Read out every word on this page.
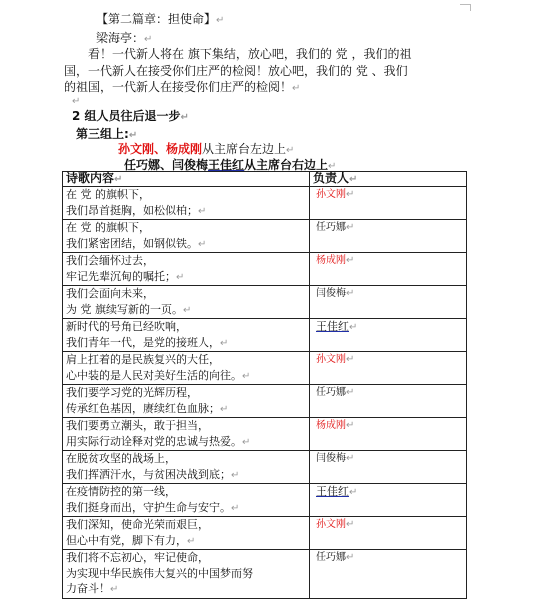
【第二篇章：担使命】↵
梁海亭：↵
看！一代新人将在 旗下集结，放心吧，我们的 党 ，我们的祖
国，一代新人在接受你们庄严的检阅！放心吧，我们的 党 、我们
的祖国，一代新人在接受你们庄严的检阅！↵
↵
2 组人员往后退一步↵
第三组上:↵
孙文刚、杨成刚从主席台左边上↵
任巧娜、闫俊梅王佳红从主席台右边上↵
诗歌内容↵	负责人↵

在 党 的旗帜下，
我们昂首挺胸，如松似柏；↵	孙文刚↵

在 党 的旗帜下，
我们紧密团结，如钢似铁。↵	任巧娜↵

我们会缅怀过去，
牢记先辈沉甸的嘱托；↵	杨成刚↵

我们会面向未来，
为 党 旗续写新的一页。↵	闫俊梅↵

新时代的号角已经吹响，
我们青年一代，是党的接班人，↵	王佳红↵

肩上扛着的是民族复兴的大任，
心中装的是人民对美好生活的向往。↵	孙文刚↵

我们要学习党的光辉历程，
传承红色基因，赓续红色血脉；↵	任巧娜↵

我们要勇立潮头，敢于担当，
用实际行动诠释对党的忠诚与热爱。↵	杨成刚↵

在脱贫攻坚的战场上，
我们挥洒汗水，与贫困决战到底；↵	闫俊梅↵

在疫情防控的第一线，
我们挺身而出，守护生命与安宁。↵	王佳红↵

我们深知，使命光荣而艰巨，
但心中有党，脚下有力，↵	孙文刚↵

我们将不忘初心，牢记使命，
为实现中华民族伟大复兴的中国梦而努
力奋斗！↵	任巧娜↵
